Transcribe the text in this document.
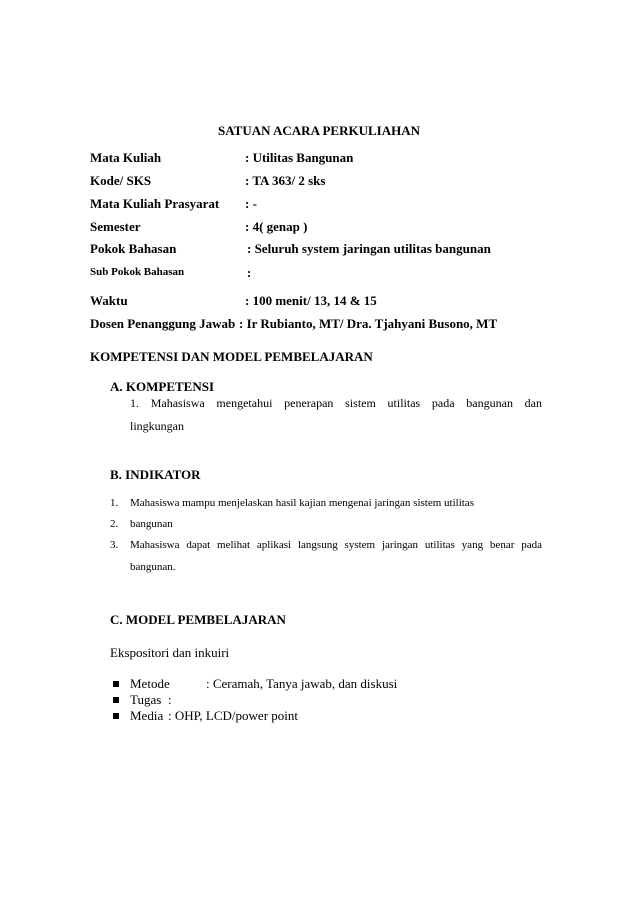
SATUAN ACARA PERKULIAHAN
Mata Kuliah	: Utilitas Bangunan
Kode/ SKS	: TA 363/ 2 sks
Mata Kuliah Prasyarat : -
Semester	: 4( genap )
Pokok Bahasan	: Seluruh system jaringan utilitas bangunan
Sub Pokok Bahasan	:
Waktu	: 100 menit/ 13, 14 & 15
Dosen Penanggung Jawab : Ir Rubianto, MT/ Dra. Tjahyani Busono, MT
KOMPETENSI DAN MODEL PEMBELAJARAN
A. KOMPETENSI
1. Mahasiswa mengetahui penerapan sistem utilitas pada bangunan dan
lingkungan
B. INDIKATOR
1. Mahasiswa mampu menjelaskan hasil kajian mengenai jaringan sistem utilitas
2. bangunan
3. Mahasiswa dapat melihat aplikasi langsung system jaringan utilitas yang benar pada
bangunan.
C. MODEL PEMBELAJARAN
Ekspositori dan inkuiri
Metode	: Ceramah, Tanya jawab, dan diskusi
Tugas :
Media : OHP, LCD/power point
